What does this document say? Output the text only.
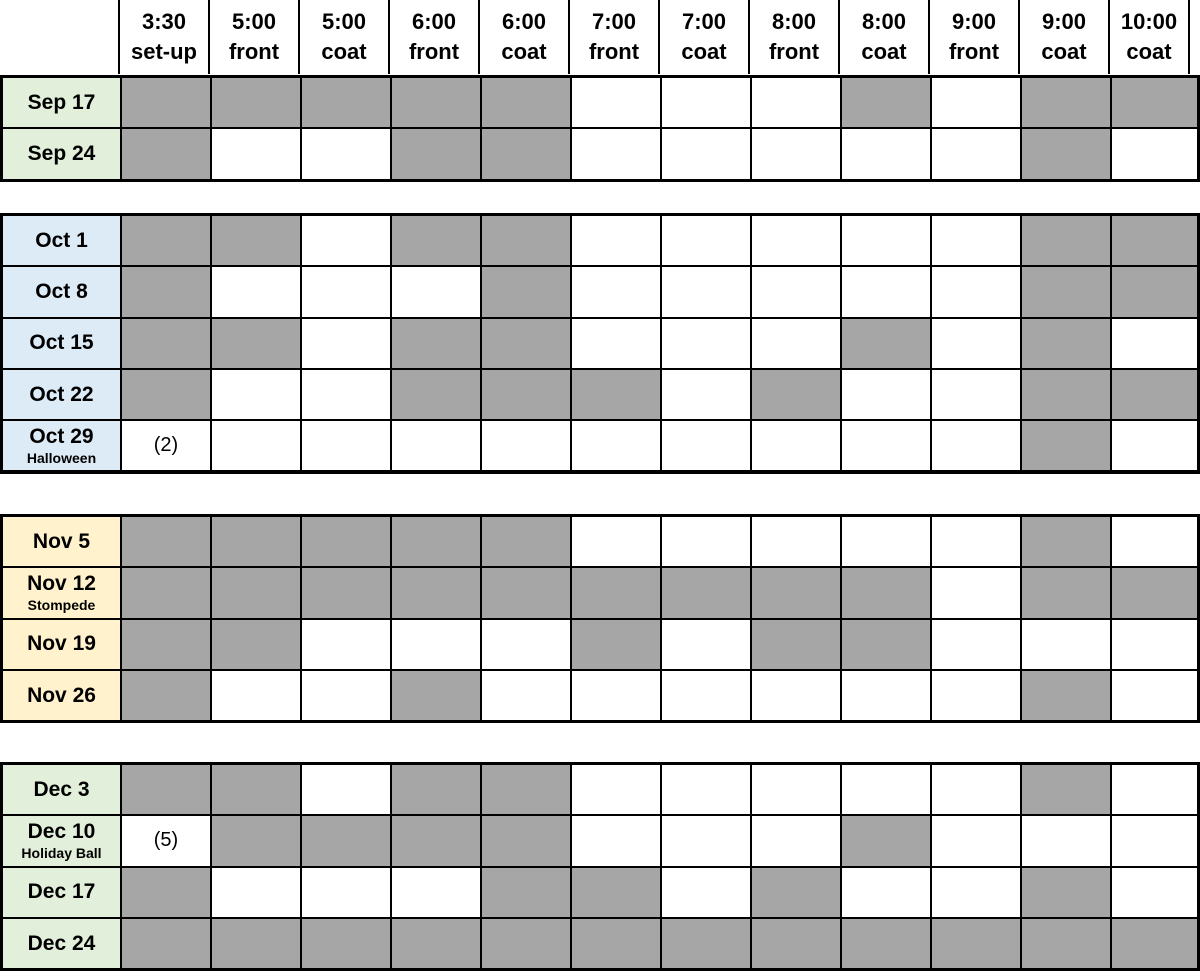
3:30
set-up
5:00
front
5:00
coat
6:00
front
6:00
coat
7:00
front
7:00
coat
8:00
front
8:00
coat
9:00
front
9:00
coat
10:00
coat
Sep 17
Sep 24
Oct 1
Oct 8
Oct 15
Oct 22
Oct 29
Halloween
(2)
Nov 5
Nov 12
Stompede
Nov 19
Nov 26
Dec 3
Dec 10
Holiday Ball
(5)
Dec 17
Dec 24
